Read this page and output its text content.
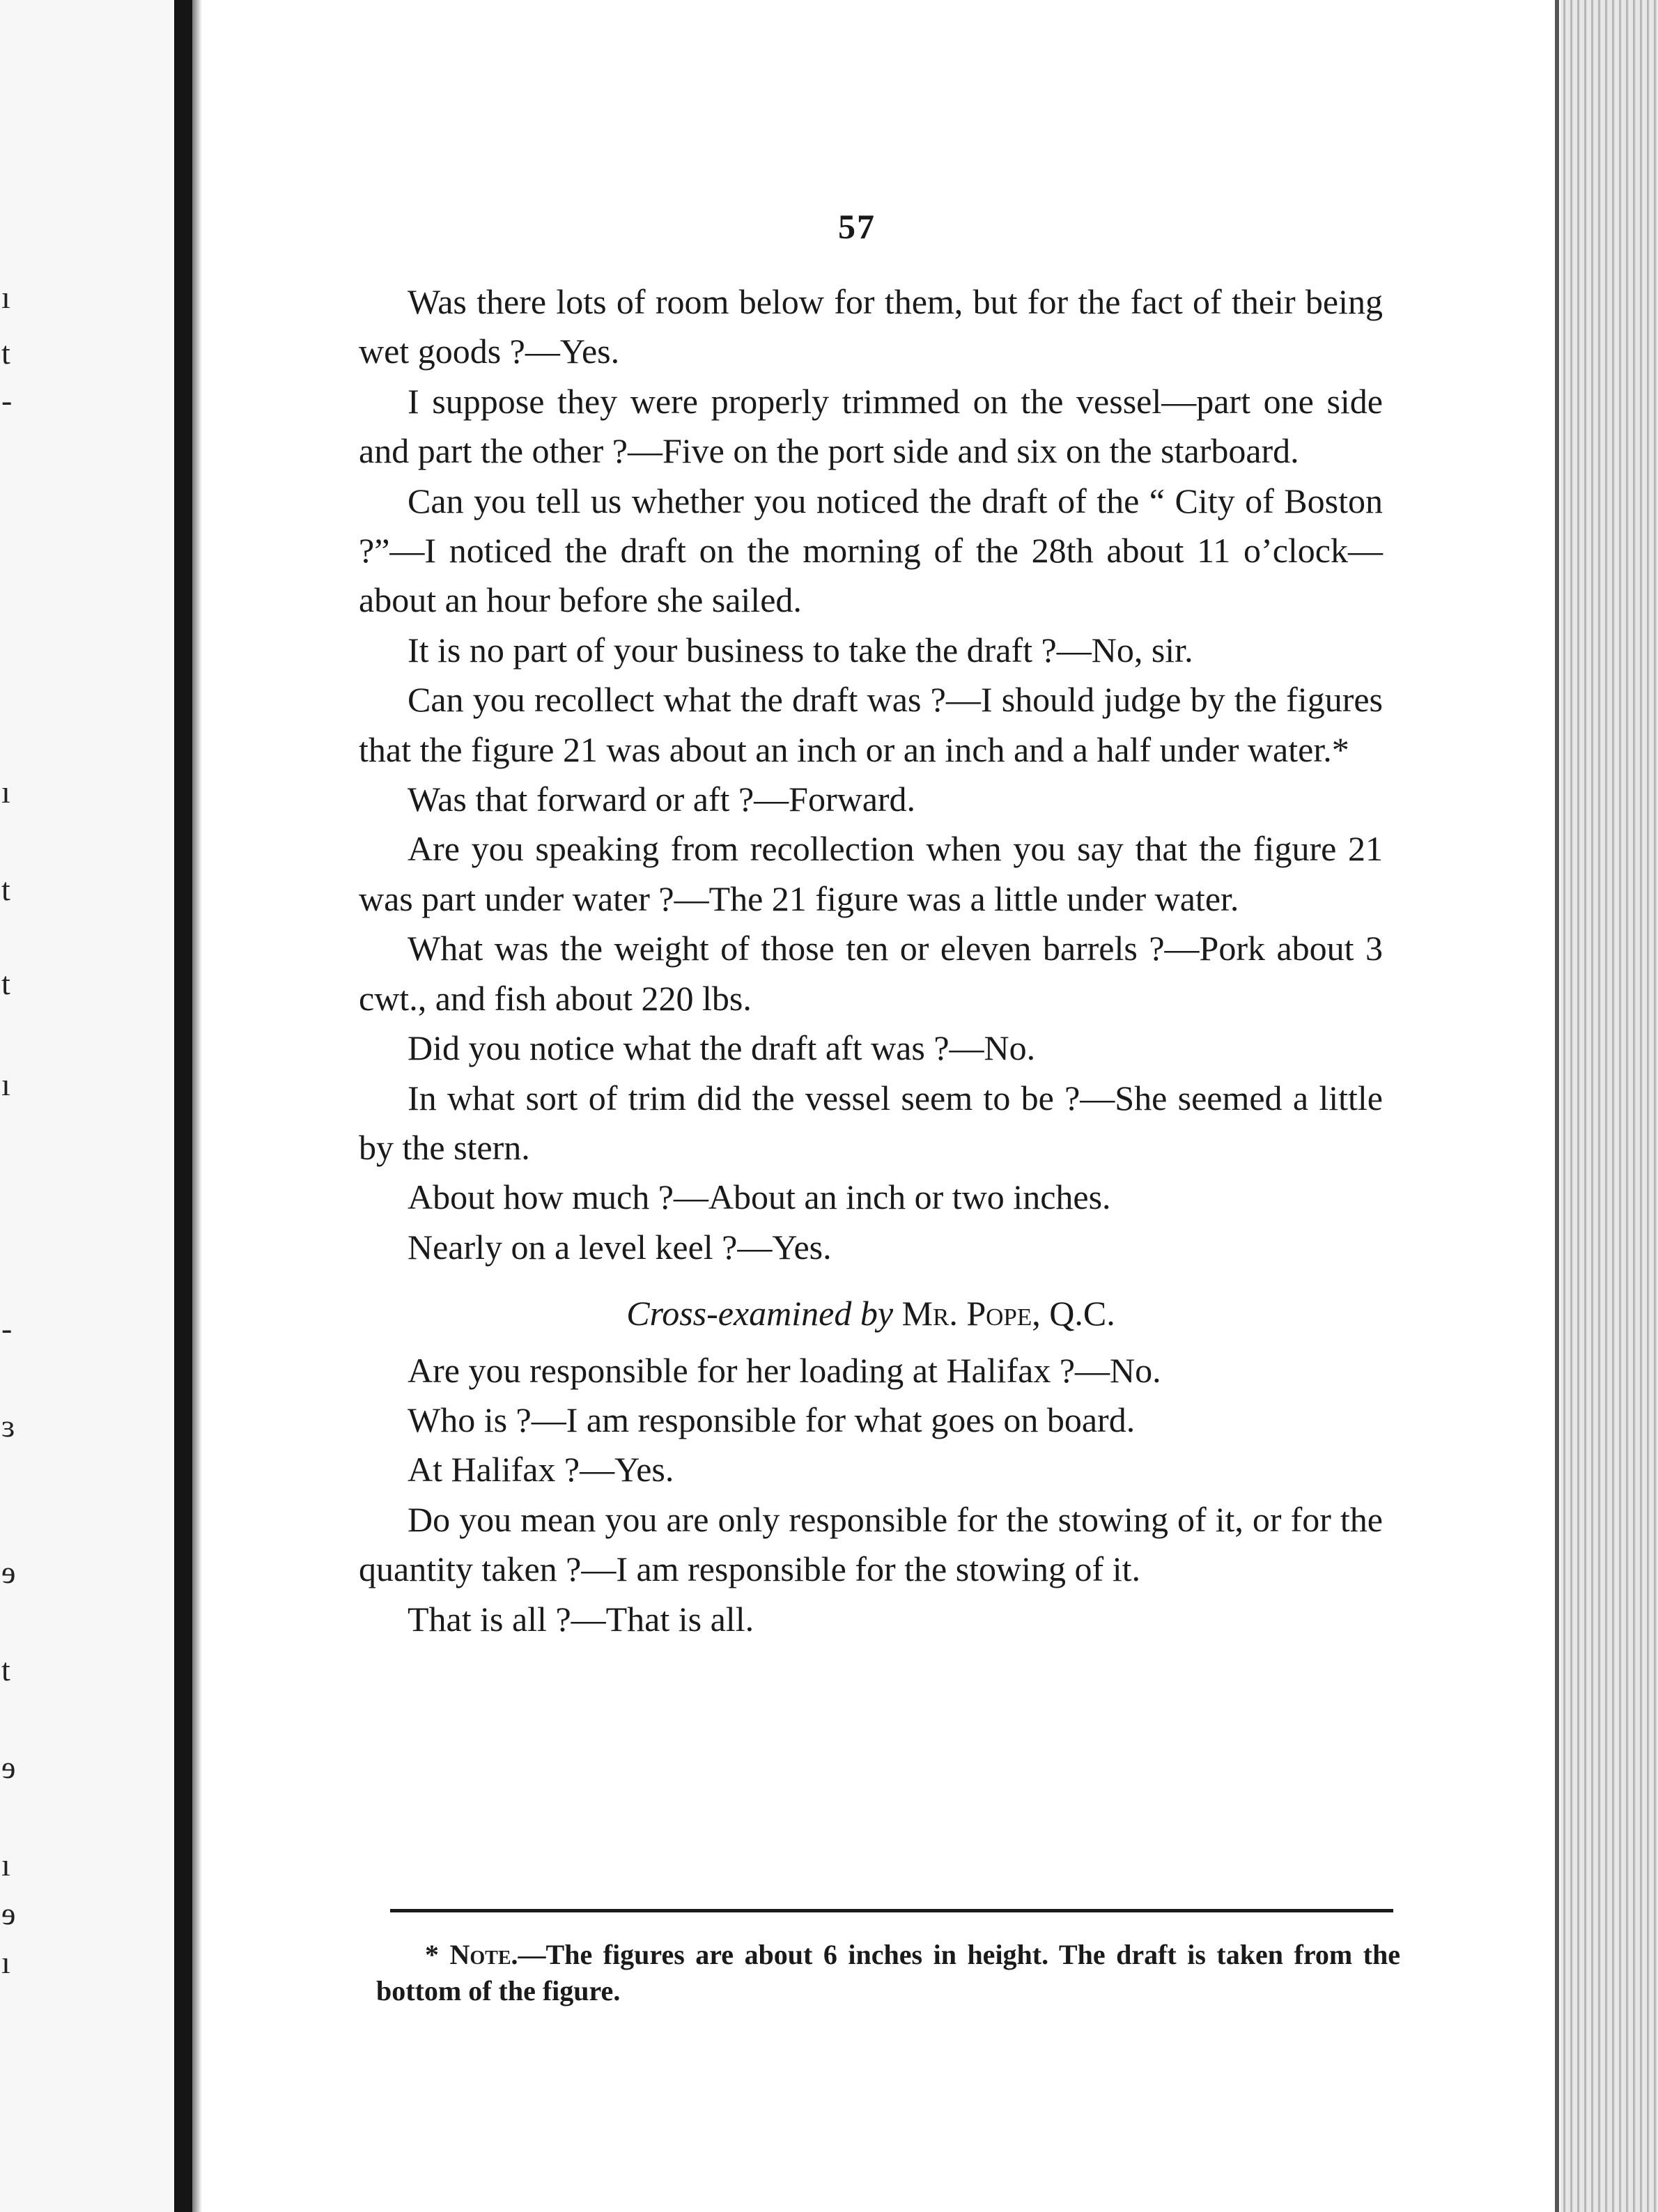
ı
t
-
ı
t
t
ı
-
ɜ
ɘ
t
ɘ
ı
ɘ
ı
57

Was there lots of room below for them, but for the fact of their being wet goods ?—Yes.

I suppose they were properly trimmed on the vessel—part one side and part the other ?—Five on the port side and six on the starboard.

Can you tell us whether you noticed the draft of the “ City of Boston ?”—I noticed the draft on the morning of the 28th about 11 o’clock—about an hour before she sailed.

It is no part of your business to take the draft ?—No, sir.

Can you recollect what the draft was ?—I should judge by the figures that the figure 21 was about an inch or an inch and a half under water.*

Was that forward or aft ?—Forward.

Are you speaking from recollection when you say that the figure 21 was part under water ?—The 21 figure was a little under water.

What was the weight of those ten or eleven barrels ?—Pork about 3 cwt., and fish about 220 lbs.

Did you notice what the draft aft was ?—No.

In what sort of trim did the vessel seem to be ?—She seemed a little by the stern.

About how much ?—About an inch or two inches.

Nearly on a level keel ?—Yes.

Cross-examined by Mr. Pope, Q.C.

Are you responsible for her loading at Halifax ?—No.

Who is ?—I am responsible for what goes on board.

At Halifax ?—Yes.

Do you mean you are only responsible for the stowing of it, or for the quantity taken ?—I am responsible for the stowing of it.

That is all ?—That is all.

* Note.—The figures are about 6 inches in height. The draft is taken from the bottom of the figure.
